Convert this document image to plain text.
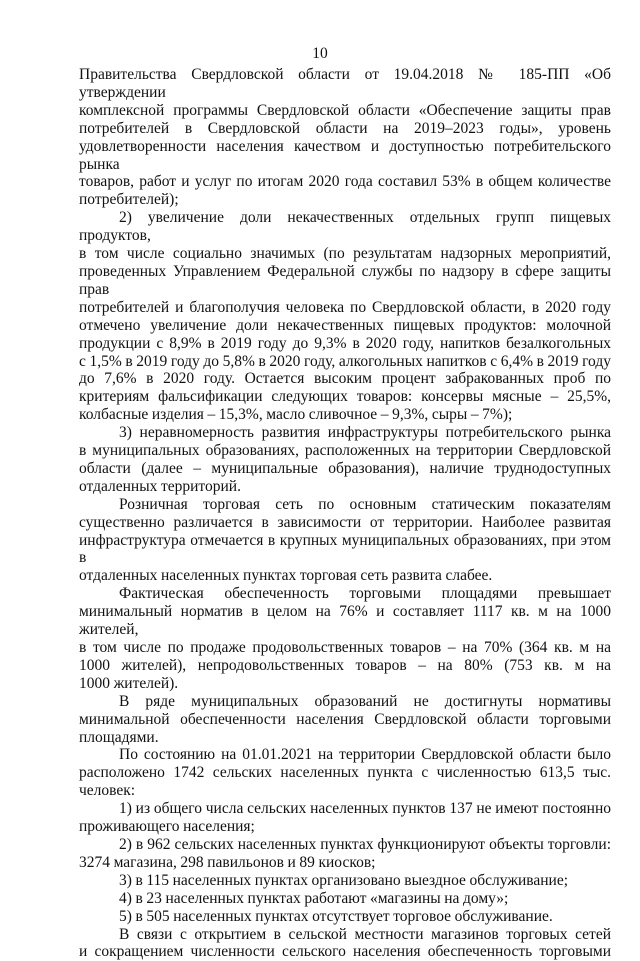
10

Правительства Свердловской области от 19.04.2018 № 185-ПП «Об утверждении

комплексной программы Свердловской области «Обеспечение защиты прав

потребителей в Свердловской области на 2019–2023 годы», уровень

удовлетворенности населения качеством и доступностью потребительского рынка

товаров, работ и услуг по итогам 2020 года составил 53% в общем количестве

потребителей);

2) увеличение доли некачественных отдельных групп пищевых продуктов,

в том числе социально значимых (по результатам надзорных мероприятий,

проведенных Управлением Федеральной службы по надзору в сфере защиты прав

потребителей и благополучия человека по Свердловской области, в 2020 году

отмечено увеличение доли некачественных пищевых продуктов: молочной

продукции с 8,9% в 2019 году до 9,3% в 2020 году, напитков безалкогольных

с 1,5% в 2019 году до 5,8% в 2020 году, алкогольных напитков с 6,4% в 2019 году

до 7,6% в 2020 году. Остается высоким процент забракованных проб по

критериям фальсификации следующих товаров: консервы мясные – 25,5%,

колбасные изделия – 15,3%, масло сливочное – 9,3%, сыры – 7%);

3) неравномерность развития инфраструктуры потребительского рынка

в муниципальных образованиях, расположенных на территории Свердловской

области (далее – муниципальные образования), наличие труднодоступных

отдаленных территорий.

Розничная торговая сеть по основным статическим показателям

существенно различается в зависимости от территории. Наиболее развитая

инфраструктура отмечается в крупных муниципальных образованиях, при этом в

отдаленных населенных пунктах торговая сеть развита слабее.

Фактическая обеспеченность торговыми площадями превышает

минимальный норматив в целом на 76% и составляет 1117 кв. м на 1000 жителей,

в том числе по продаже продовольственных товаров – на 70% (364 кв. м на

1000 жителей), непродовольственных товаров – на 80% (753 кв. м на

1000 жителей).

В ряде муниципальных образований не достигнуты нормативы

минимальной обеспеченности населения Свердловской области торговыми

площадями.

По состоянию на 01.01.2021 на территории Свердловской области было

расположено 1742 сельских населенных пункта с численностью 613,5 тыс.

человек:

1) из общего числа сельских населенных пунктов 137 не имеют постоянно

проживающего населения;

2) в 962 сельских населенных пунктах функционируют объекты торговли:

3274 магазина, 298 павильонов и 89 киосков;

3) в 115 населенных пунктах организовано выездное обслуживание;

4) в 23 населенных пунктах работают «магазины на дому»;

5) в 505 населенных пунктах отсутствует торговое обслуживание.

В связи с открытием в сельской местности магазинов торговых сетей

и сокращением численности сельского населения обеспеченность торговыми
